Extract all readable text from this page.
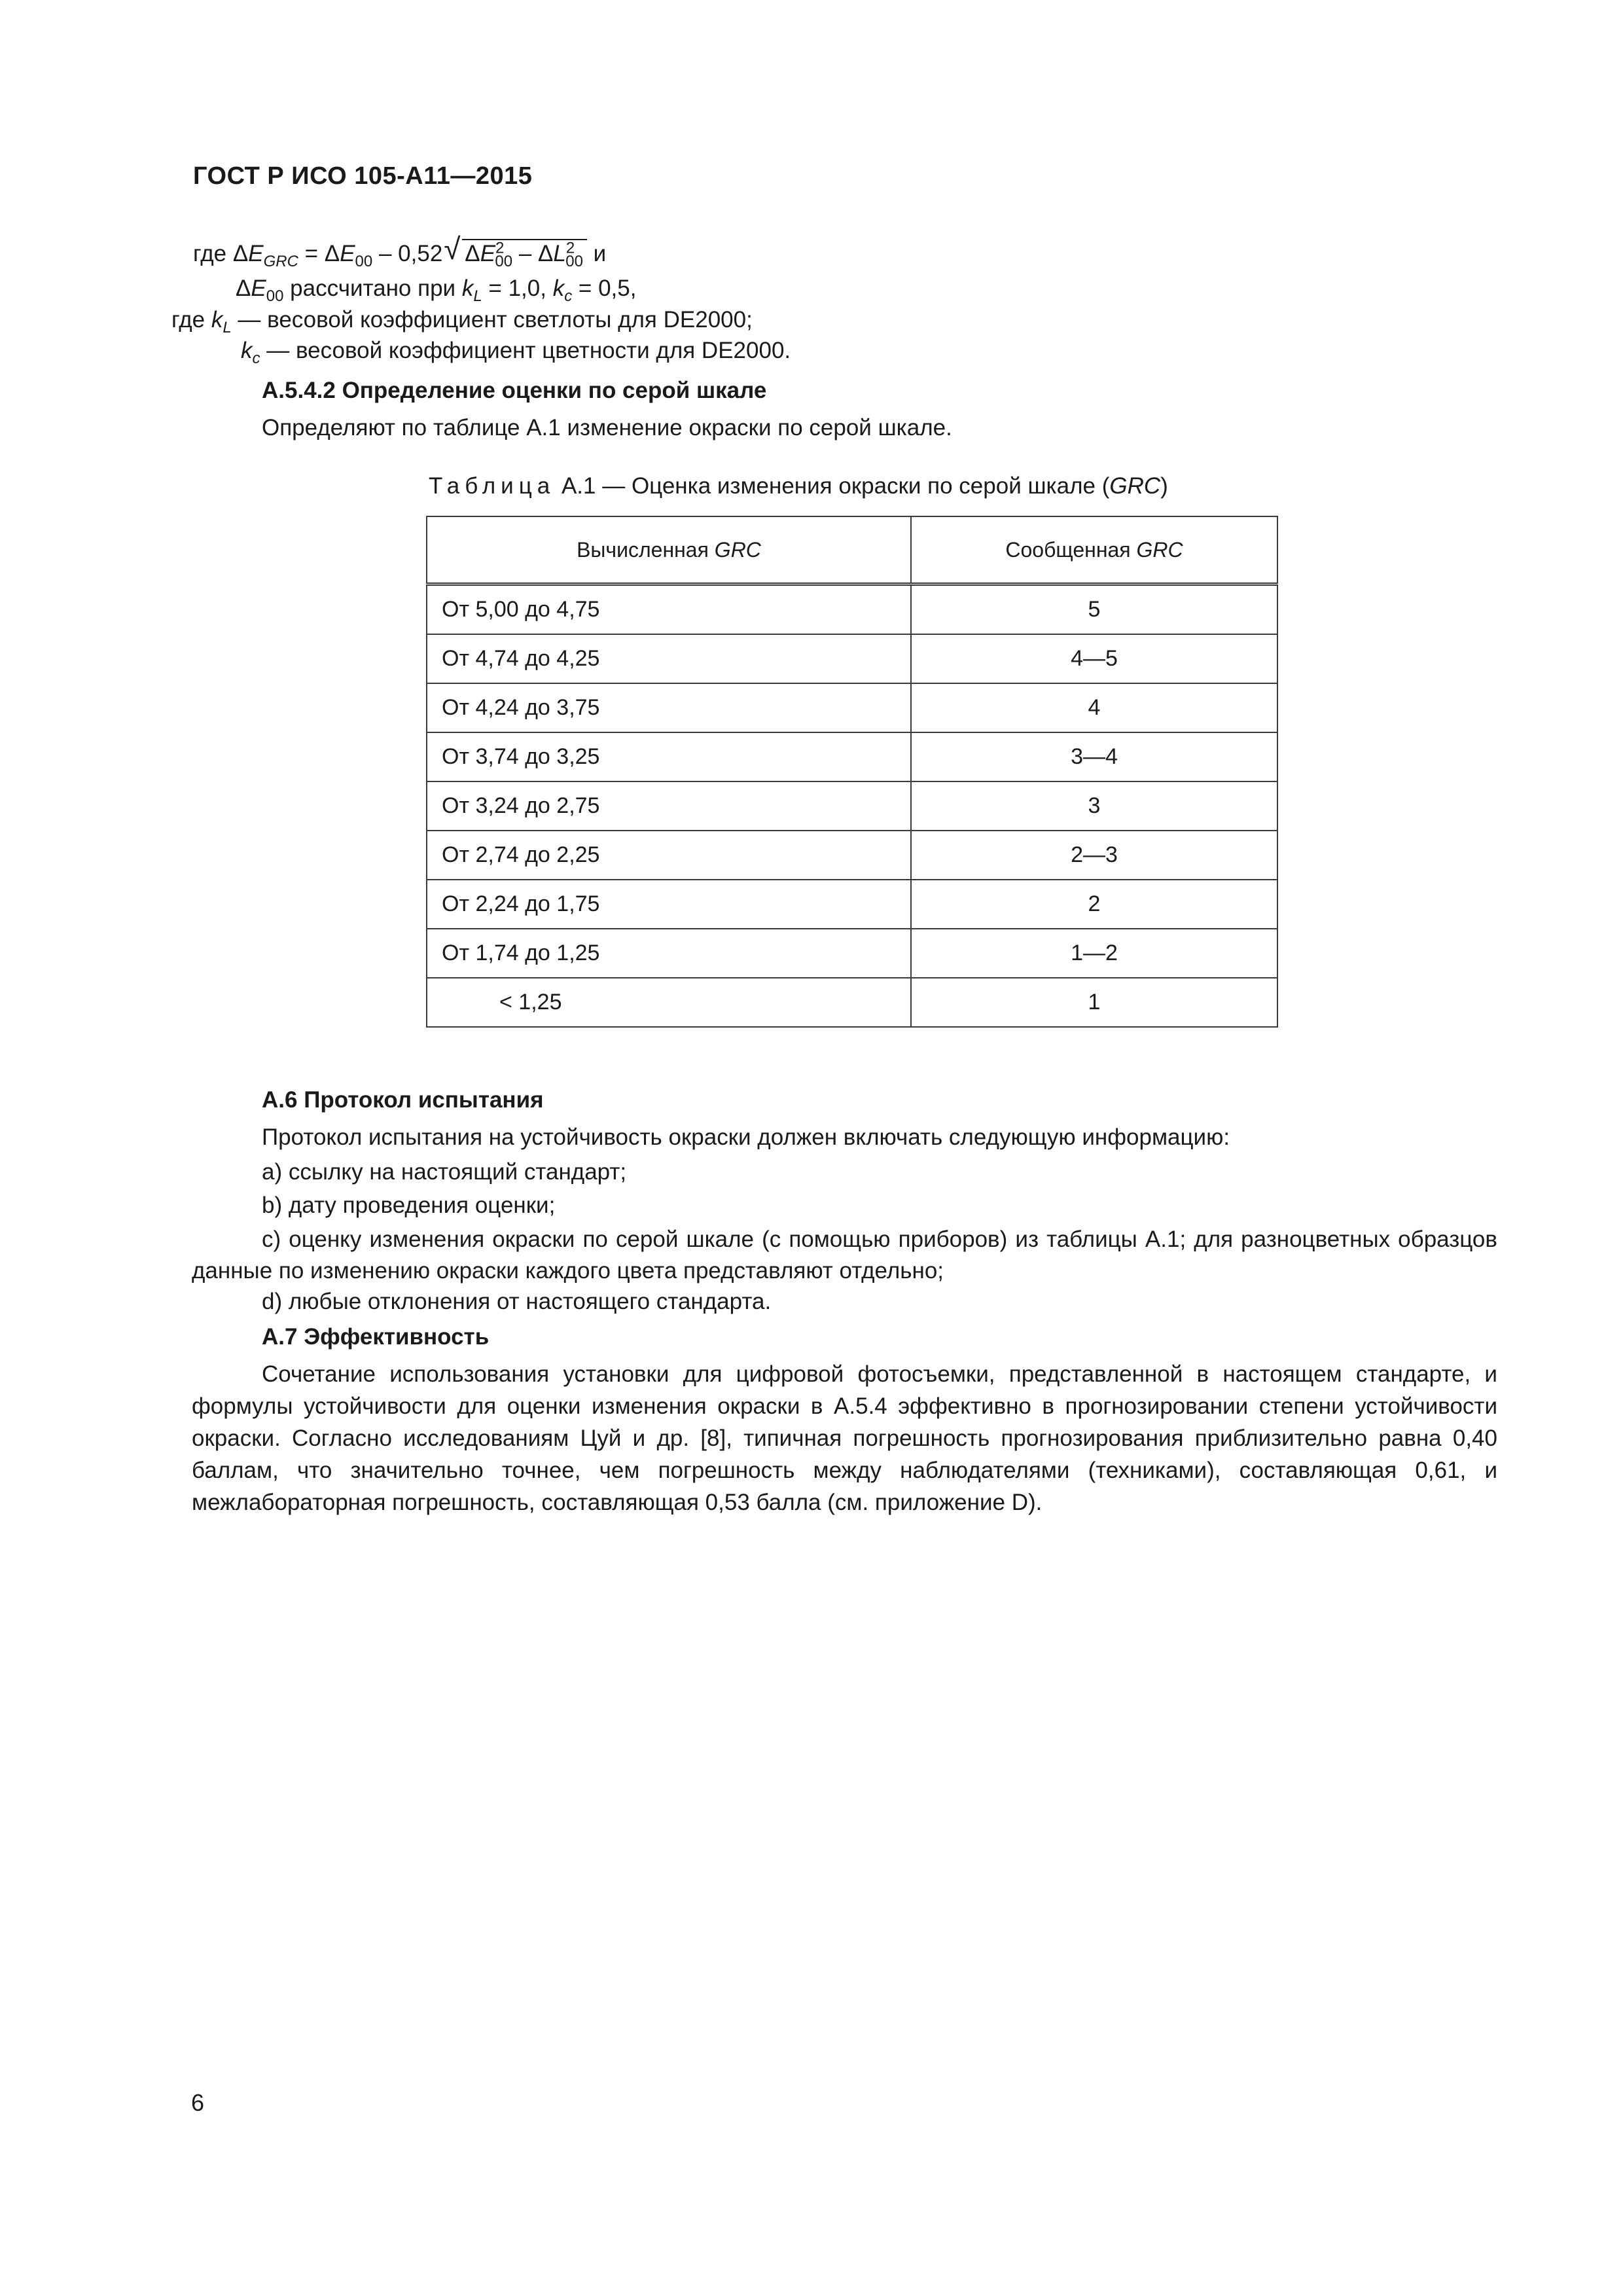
ГОСТ Р ИСО 105-А11—2015
где $\Delta E_{GRC} = \Delta E_{00} - 0,52$ √ $\Delta E^2_{00} - \Delta L^2_{00}$ и
$\Delta E_{00}$ рассчитано при $k_L = 1,0$, $k_c = 0,5$,
где $k_L$ — весовой коэффициент светлоты для DE2000;
$k_c$ — весовой коэффициент цветности для DE2000.
А.5.4.2 Определение оценки по серой шкале
Определяют по таблице А.1 изменение окраски по серой шкале.
Таблица А.1 — Оценка изменения окраски по серой шкале (GRC)
Вычисленная GRC	Сообщенная GRC
От 5,00 до 4,75	5
От 4,74 до 4,25	4—5
От 4,24 до 3,75	4
От 3,74 до 3,25	3—4
От 3,24 до 2,75	3
От 2,74 до 2,25	2—3
От 2,24 до 1,75	2
От 1,74 до 1,25	1—2
< 1,25	1
А.6 Протокол испытания
Протокол испытания на устойчивость окраски должен включать следующую информацию:
а) ссылку на настоящий стандарт;
b) дату проведения оценки;
с) оценку изменения окраски по серой шкале (с помощью приборов) из таблицы А.1; для разноцветных образцов данные по изменению окраски каждого цвета представляют отдельно;
d) любые отклонения от настоящего стандарта.
А.7 Эффективность
Сочетание использования установки для цифровой фотосъемки, представленной в настоящем стандарте, и формулы устойчивости для оценки изменения окраски в А.5.4 эффективно в прогнозировании степени устойчивости окраски. Согласно исследованиям Цуй и др. [8], типичная погрешность прогнозирования приблизительно равна 0,40 баллам, что значительно точнее, чем погрешность между наблюдателями (техниками), составляющая 0,61, и межлабораторная погрешность, составляющая 0,53 балла (см. приложение D).
6
